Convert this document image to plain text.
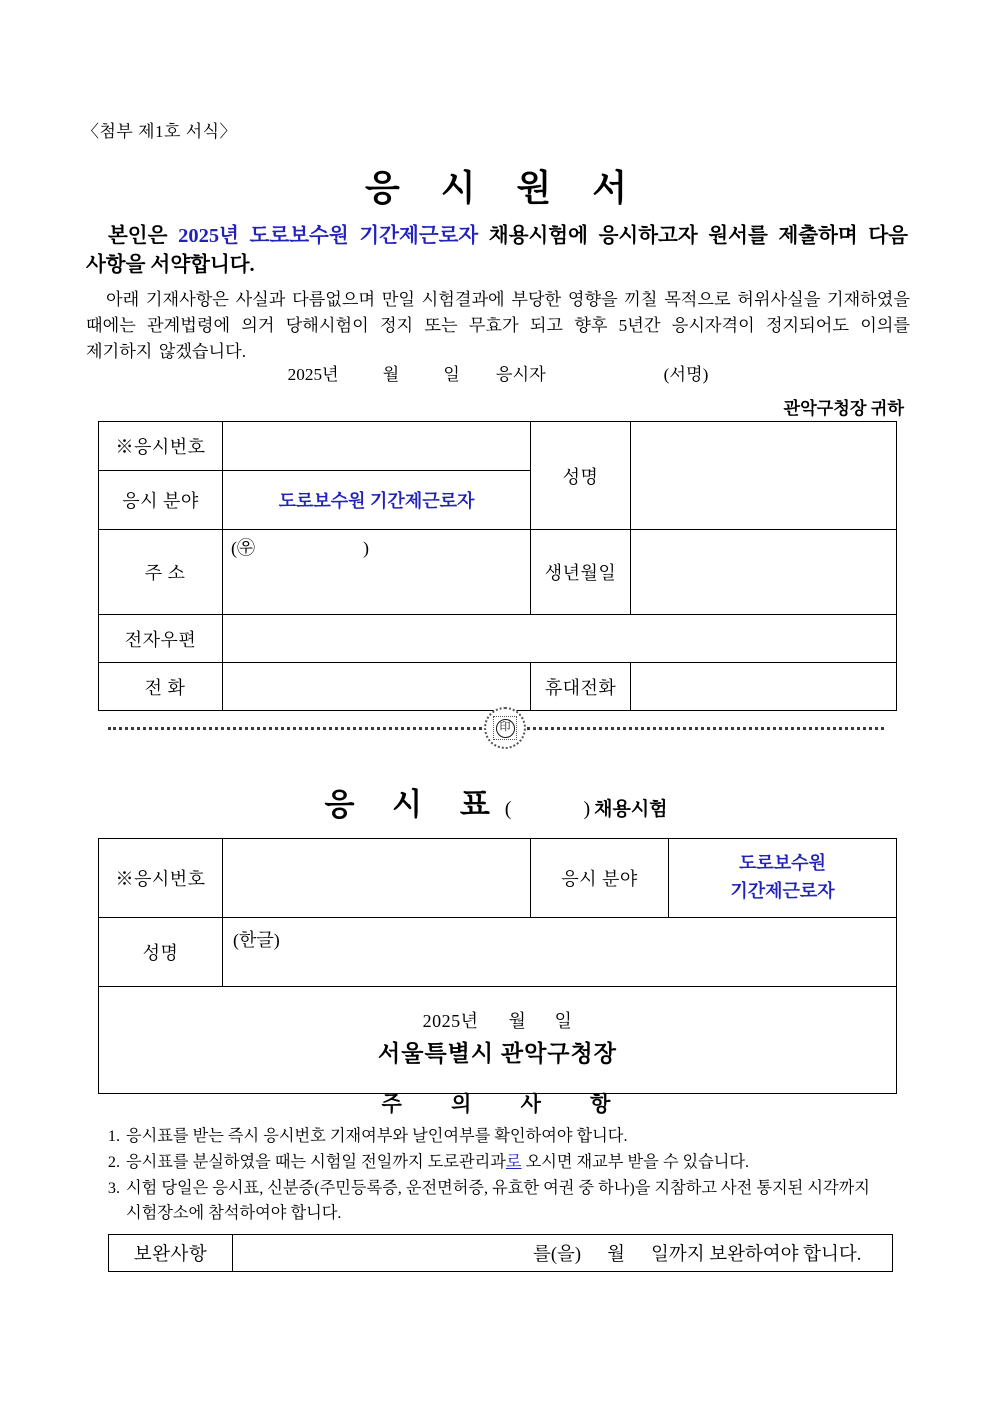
〈첨부 제1호 서식〉
응 시 원 서
본인은 2025년 도로보수원 기간제근로자 채용시험에 응시하고자 원서를 제출하며 다음 사항을 서약합니다.
아래 기재사항은 사실과 다름없으며 만일 시험결과에 부당한 영향을 끼칠 목적으로 허위사실을 기재하였을 때에는 관계법령에 의거 당해시험이 정지 또는 무효가 되고 향후 5년간 응시자격이 정지되어도 이의를 제기하지 않겠습니다.
2025년	월	일 응시자	(서명)
관악구청장 귀하
※응시번호		성명	
응시 분야	도로보수원 기간제근로자		
주 소	(㉾ )	생년월일	
전자우편			
전 화		휴대전화	
印
응 시 표(	) 채용시험
※응시번호		응시 분야	도로보수원
기간제근로자

성명	(한글)		

2025년 월 일
서울특별시 관악구청장			
주 의 사 항
1. 응시표를 받는 즉시 응시번호 기재여부와 날인여부를 확인하여야 합니다.
2. 응시표를 분실하였을 때는 시험일 전일까지 도로관리과로 오시면 재교부 받을 수 있습니다.
3. 시험 당일은 응시표, 신분증(주민등록증, 운전면허증, 유효한 여권 중 하나)을 지참하고 사전 통지된 시각까지 시험장소에 참석하여야 합니다.
보완사항	를(을) 월 일까지 보완하여야 합니다.
